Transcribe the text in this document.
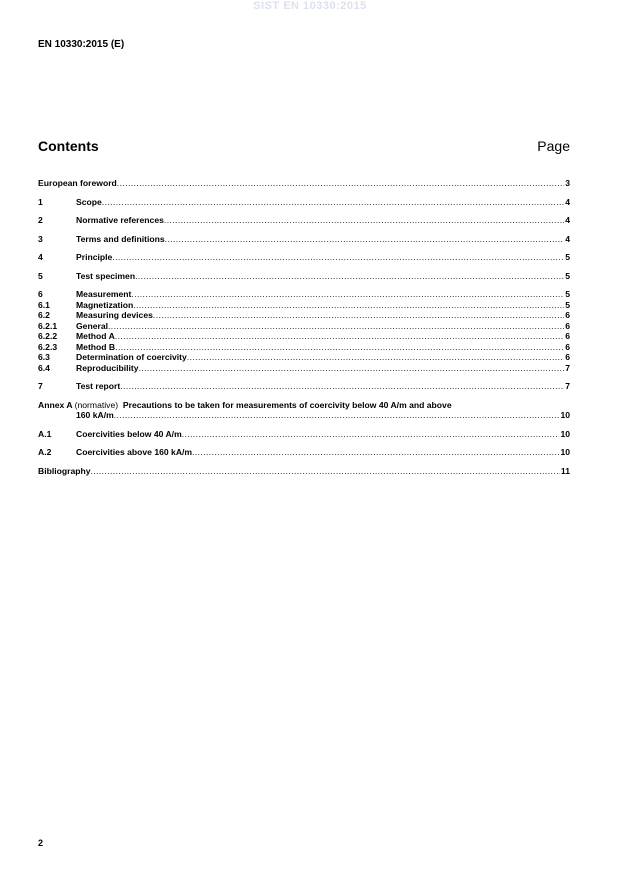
SIST EN 10330:2015
EN 10330:2015 (E)
Contents	Page
European foreword .....	3
1	Scope .....	4
2	Normative references .....	4
3	Terms and definitions .....	4
4	Principle .....	5
5	Test specimen .....	5
6	Measurement .....	5
6.1	Magnetization .....	5
6.2	Measuring devices .....	6
6.2.1	General .....	6
6.2.2	Method A .....	6
6.2.3	Method B .....	6
6.3	Determination of coercivity .....	6
6.4	Reproducibility .....	7
7	Test report .....	7
Annex A (normative) Precautions to be taken for measurements of coercivity below 40 A/m and above
160 kA/m .....	10
A.1	Coercivities below 40 A/m .....	10
A.2	Coercivities above 160 kA/m .....	10
Bibliography .....	11
2
